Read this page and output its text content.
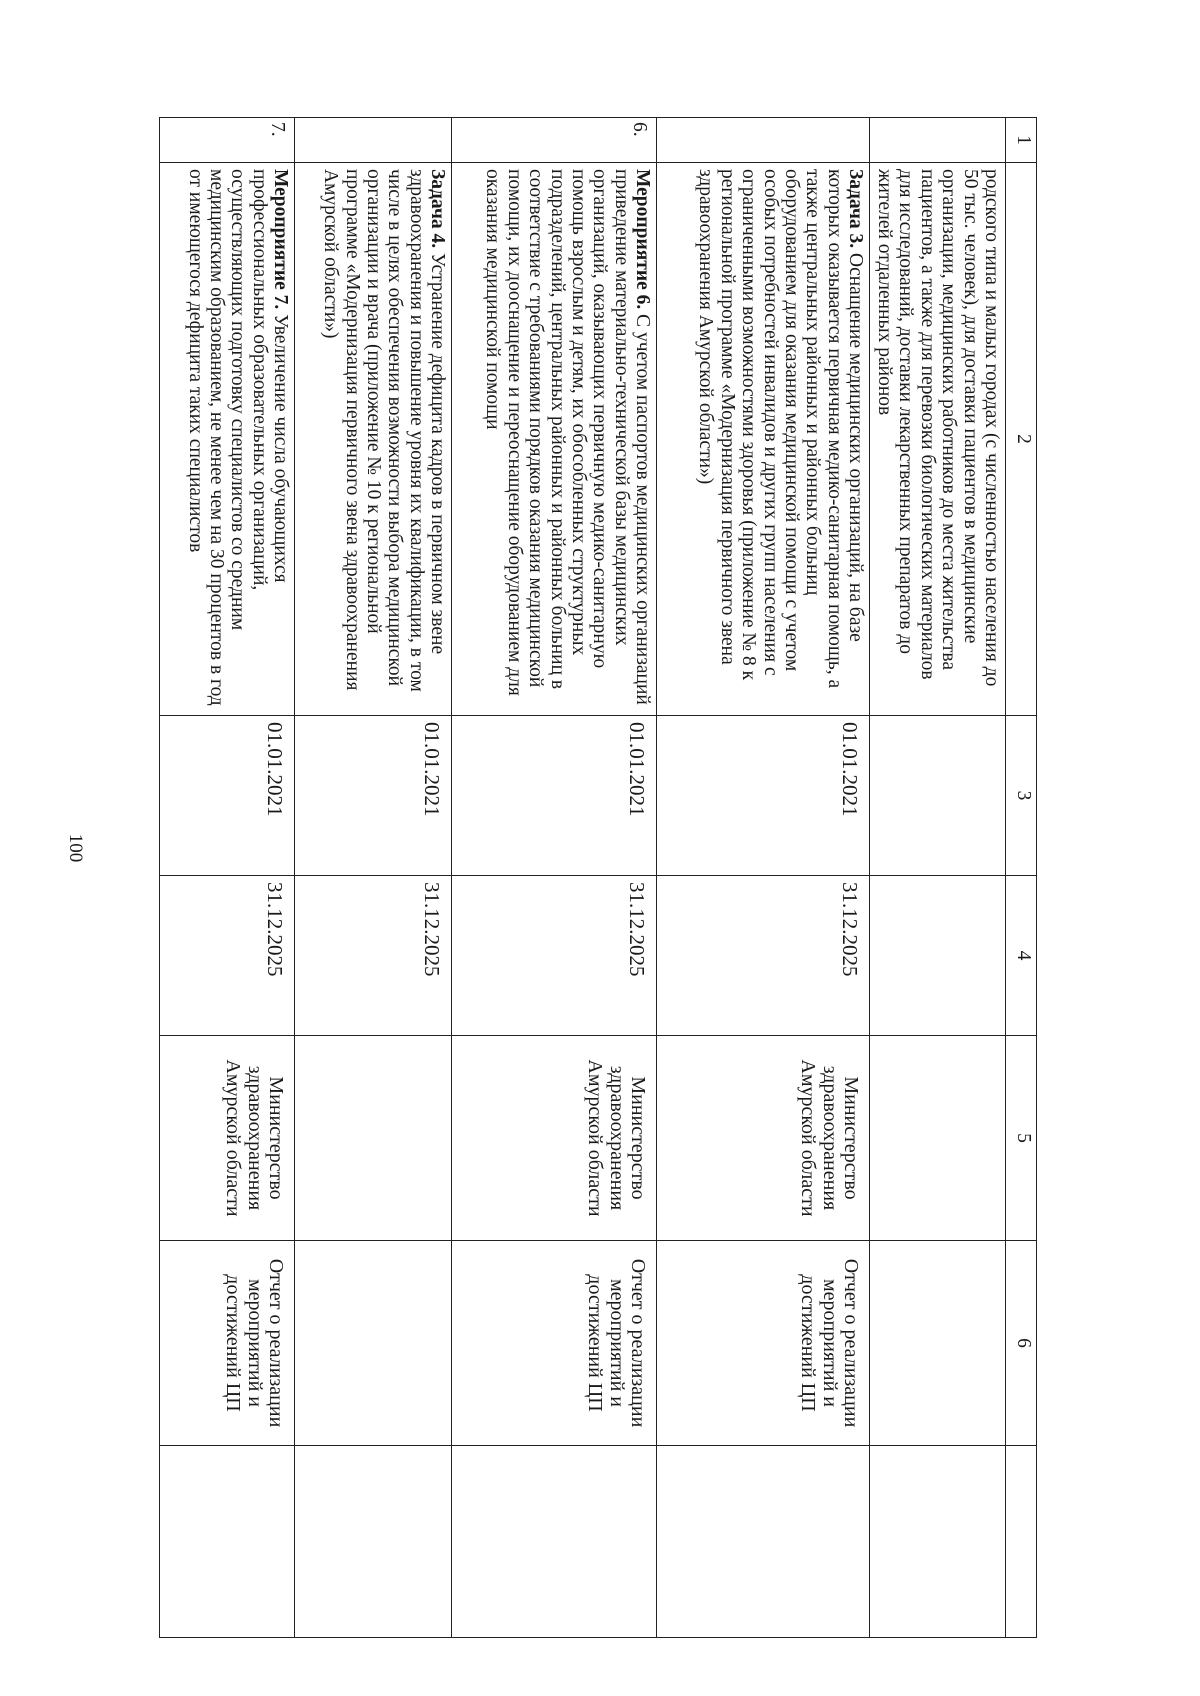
100
1	2	3	4	5	6	
	родского типа и малых городах (с численностью населения до 50 тыс. человек), для доставки пациентов в медицинские организации, медицинских работников до места жительства пациентов, а также для перевозки биологических материалов для исследований, доставки лекарственных препаратов до жителей отдаленных районов					
	Задача 3. Оснащение медицинских организаций, на базе которых оказывается первичная медико-санитарная помощь, а также центральных районных и районных больниц оборудованием для оказания медицинской помощи с учетом особых потребностей инвалидов и других групп населения с ограниченными возможностями здоровья (приложение № 8 к региональной программе «Модернизация первичного звена здравоохранения Амурской области»)	01.01.2021	31.12.2025	Министерство здравоохранения Амурской области	Отчет о реализации мероприятий и достижений ЦП	
6.	Мероприятие 6. С учетом паспортов медицинских организаций приведение материально-технической базы медицинских организаций, оказывающих первичную медико-санитарную помощь взрослым и детям, их обособленных структурных подразделений, центральных районных и районных больниц в соответствие с требованиями порядков оказания медицинской помощи, их дооснащение и переоснащение оборудованием для оказания медицинской помощи	01.01.2021	31.12.2025	Министерство здравоохранения Амурской области	Отчет о реализации мероприятий и достижений ЦП	
	Задача 4. Устранение дефицита кадров в первичном звене здравоохранения и повышение уровня их квалификации, в том числе в целях обеспечения возможности выбора медицинской организации и врача (приложение № 10 к региональной программе «Модернизация первичного звена здравоохранения Амурской области»)	01.01.2021	31.12.2025			
7.	Мероприятие 7. Увеличение числа обучающихся профессиональных образовательных организаций, осуществляющих подготовку специалистов со средним медицинским образованием, не менее чем на 30 процентов в год от имеющегося дефицита таких специалистов	01.01.2021	31.12.2025	Министерство здравоохранения Амурской области	Отчет о реализации мероприятий и достижений ЦП	
